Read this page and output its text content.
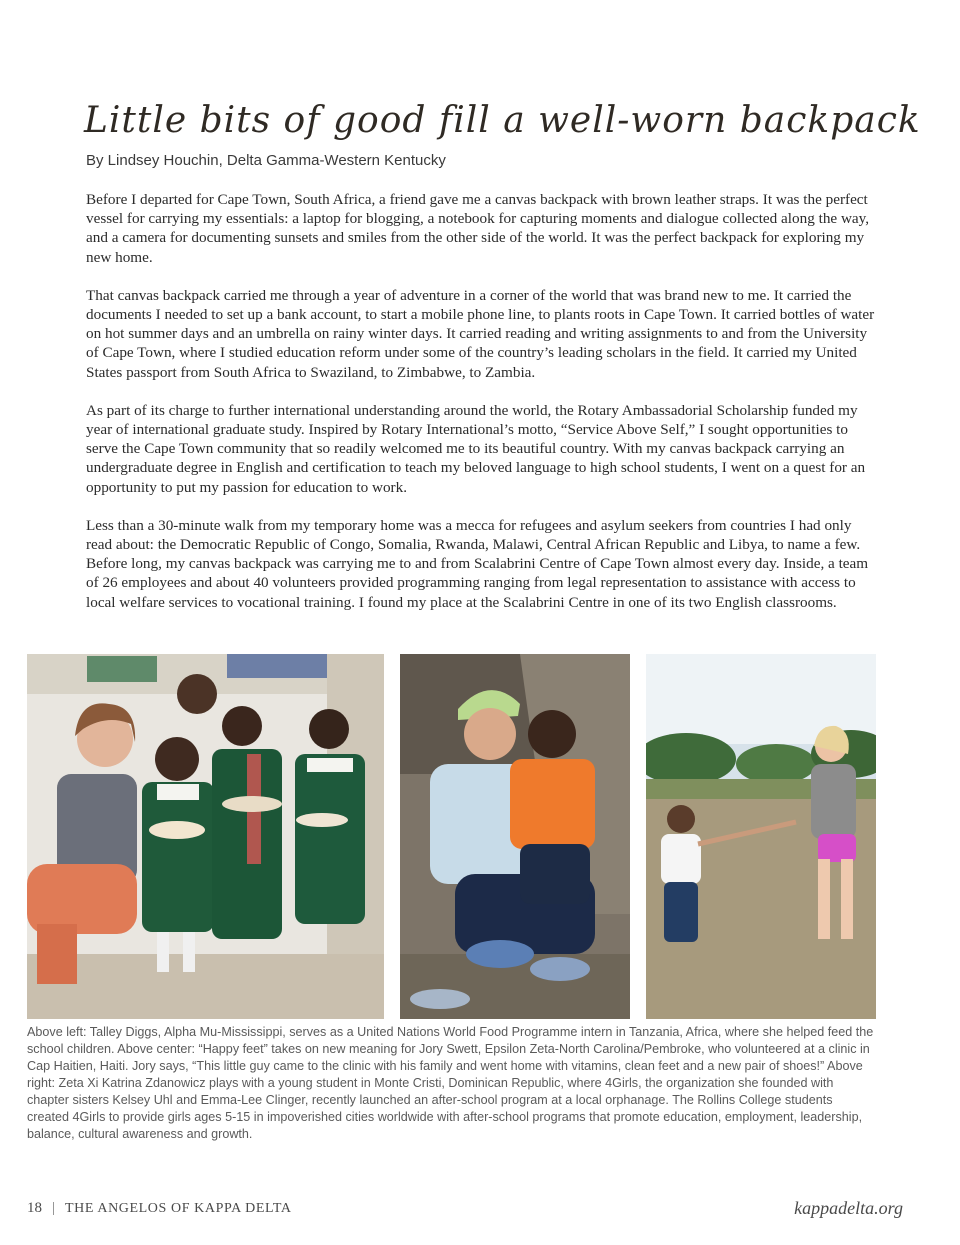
Little bits of good fill a well-worn backpack
By Lindsey Houchin, Delta Gamma-Western Kentucky

Before I departed for Cape Town, South Africa, a friend gave me a canvas backpack with brown leather straps. It was the perfect vessel for carrying my essentials: a laptop for blogging, a notebook for capturing moments and dialogue collected along the way, and a camera for documenting sunsets and smiles from the other side of the world. It was the perfect backpack for exploring my new home.

That canvas backpack carried me through a year of adventure in a corner of the world that was brand new to me. It carried the documents I needed to set up a bank account, to start a mobile phone line, to plants roots in Cape Town. It carried bottles of water on hot summer days and an umbrella on rainy winter days. It carried reading and writing assignments to and from the University of Cape Town, where I studied education reform under some of the country’s leading scholars in the field. It carried my United States passport from South Africa to Swaziland, to Zimbabwe, to Zambia.

As part of its charge to further international understanding around the world, the Rotary Ambassadorial Scholarship funded my year of international graduate study. Inspired by Rotary International’s motto, “Service Above Self,” I sought opportunities to serve the Cape Town community that so readily welcomed me to its beautiful country. With my canvas backpack carrying an undergraduate degree in English and certification to teach my beloved language to high school students, I went on a quest for an opportunity to put my passion for education to work.

Less than a 30-minute walk from my temporary home was a mecca for refugees and asylum seekers from countries I had only read about: the Democratic Republic of Congo, Somalia, Rwanda, Malawi, Central African Republic and Libya, to name a few. Before long, my canvas backpack was carrying me to and from Scalabrini Centre of Cape Town almost every day. Inside, a team of 26 employees and about 40 volunteers provided programming ranging from legal representation to assistance with access to local welfare services to vocational training. I found my place at the Scalabrini Centre in one of its two English classrooms.

Above left: Talley Diggs, Alpha Mu-Mississippi, serves as a United Nations World Food Programme intern in Tanzania, Africa, where she helped feed the school children. Above center: “Happy feet” takes on new meaning for Jory Swett, Epsilon Zeta-North Carolina/Pembroke, who volunteered at a clinic in Cap Haitien, Haiti. Jory says, “This little guy came to the clinic with his family and went home with vitamins, clean feet and a new pair of shoes!” Above right: Zeta Xi Katrina Zdanowicz plays with a young student in Monte Cristi, Dominican Republic, where 4Girls, the organization she founded with chapter sisters Kelsey Uhl and Emma-Lee Clinger, recently launched an after-school program at a local orphanage. The Rollins College students created 4Girls to provide girls ages 5-15 in impoverished cities worldwide with after-school programs that promote education, employment, leadership, balance, cultural awareness and growth.

18 | THE ANGELOS OF KAPPA DELTA	kappadelta.org
